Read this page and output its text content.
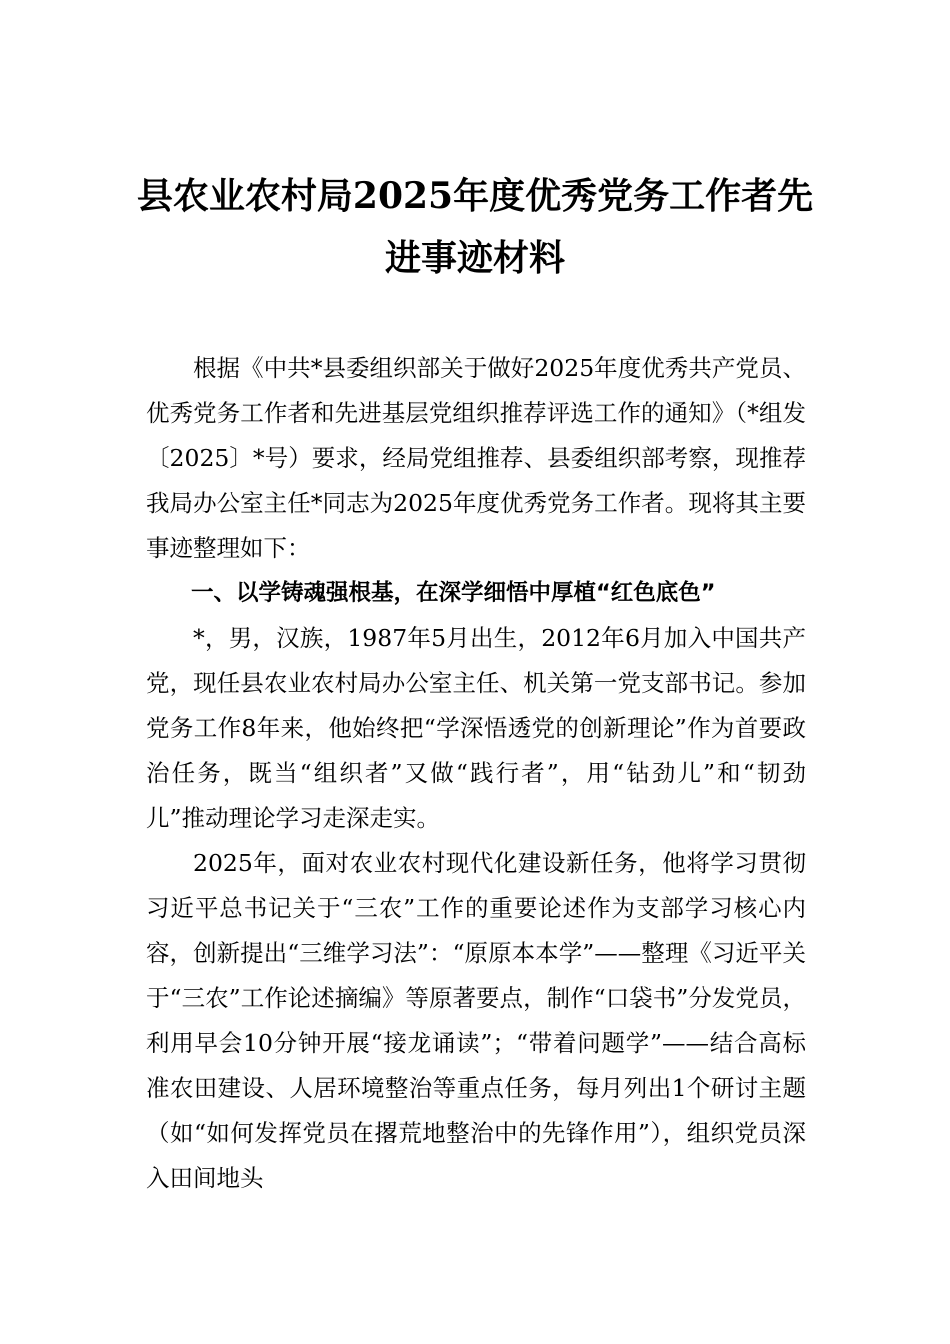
县农业农村局2025年度优秀党务工作者先进事迹材料

根据《中共*县委组织部关于做好2025年度优秀共产党员、优秀党务工作者和先进基层党组织推荐评选工作的通知》（*组发〔2025〕*号）要求，经局党组推荐、县委组织部考察，现推荐我局办公室主任*同志为2025年度优秀党务工作者。现将其主要事迹整理如下：

一、以学铸魂强根基，在深学细悟中厚植“红色底色”

*，男，汉族，1987年5月出生，2012年6月加入中国共产党，现任县农业农村局办公室主任、机关第一党支部书记。参加党务工作8年来，他始终把“学深悟透党的创新理论”作为首要政治任务，既当“组织者”又做“践行者”，用“钻劲儿”和“韧劲儿”推动理论学习走深走实。

2025年，面对农业农村现代化建设新任务，他将学习贯彻习近平总书记关于“三农”工作的重要论述作为支部学习核心内容，创新提出“三维学习法”：“原原本本学”——整理《习近平关于“三农”工作论述摘编》等原著要点，制作“口袋书”分发党员，利用早会10分钟开展“接龙诵读”；“带着问题学”——结合高标准农田建设、人居环境整治等重点任务，每月列出1个研讨主题（如“如何发挥党员在撂荒地整治中的先锋作用”），组织党员深入田间地头
